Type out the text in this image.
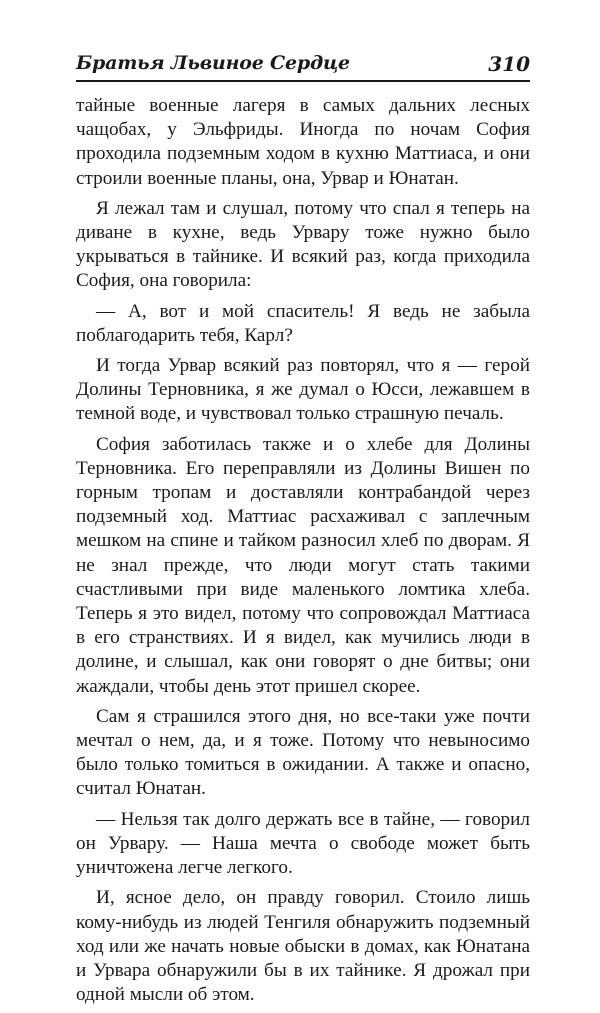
Братья Львиное Сердце	310

тайные военные лагеря в самых дальних лесных чащобах, у Эльфриды. Иногда по ночам София проходила подземным ходом в кухню Маттиаса, и они строили военные планы, она, Урвар и Юнатан.

Я лежал там и слушал, потому что спал я теперь на диване в кухне, ведь Урвару тоже нужно было укрываться в тайнике. И всякий раз, когда приходила София, она говорила:

— А, вот и мой спаситель! Я ведь не забыла поблагодарить тебя, Карл?

И тогда Урвар всякий раз повторял, что я — герой Долины Терновника, я же думал о Юсси, лежавшем в темной воде, и чувствовал только страшную печаль.

София заботилась также и о хлебе для Долины Терновника. Его переправляли из Долины Вишен по горным тропам и доставляли контрабандой через подземный ход. Маттиас расхаживал с заплечным мешком на спине и тайком разносил хлеб по дворам. Я не знал прежде, что люди могут стать такими счастливыми при виде маленького ломтика хлеба. Теперь я это видел, потому что сопровождал Маттиаса в его странствиях. И я видел, как мучились люди в долине, и слышал, как они говорят о дне битвы; они жаждали, чтобы день этот пришел скорее.

Сам я страшился этого дня, но все-таки уже почти мечтал о нем, да, и я тоже. Потому что невыносимо было только томиться в ожидании. А также и опасно, считал Юнатан.

— Нельзя так долго держать все в тайне, — говорил он Урвару. — Наша мечта о свободе может быть уничтожена легче легкого.

И, ясное дело, он правду говорил. Стоило лишь кому-нибудь из людей Тенгиля обнаружить подземный ход или же начать новые обыски в домах, как Юнатана и Урвара обнаружили бы в их тайнике. Я дрожал при одной мысли об этом.
